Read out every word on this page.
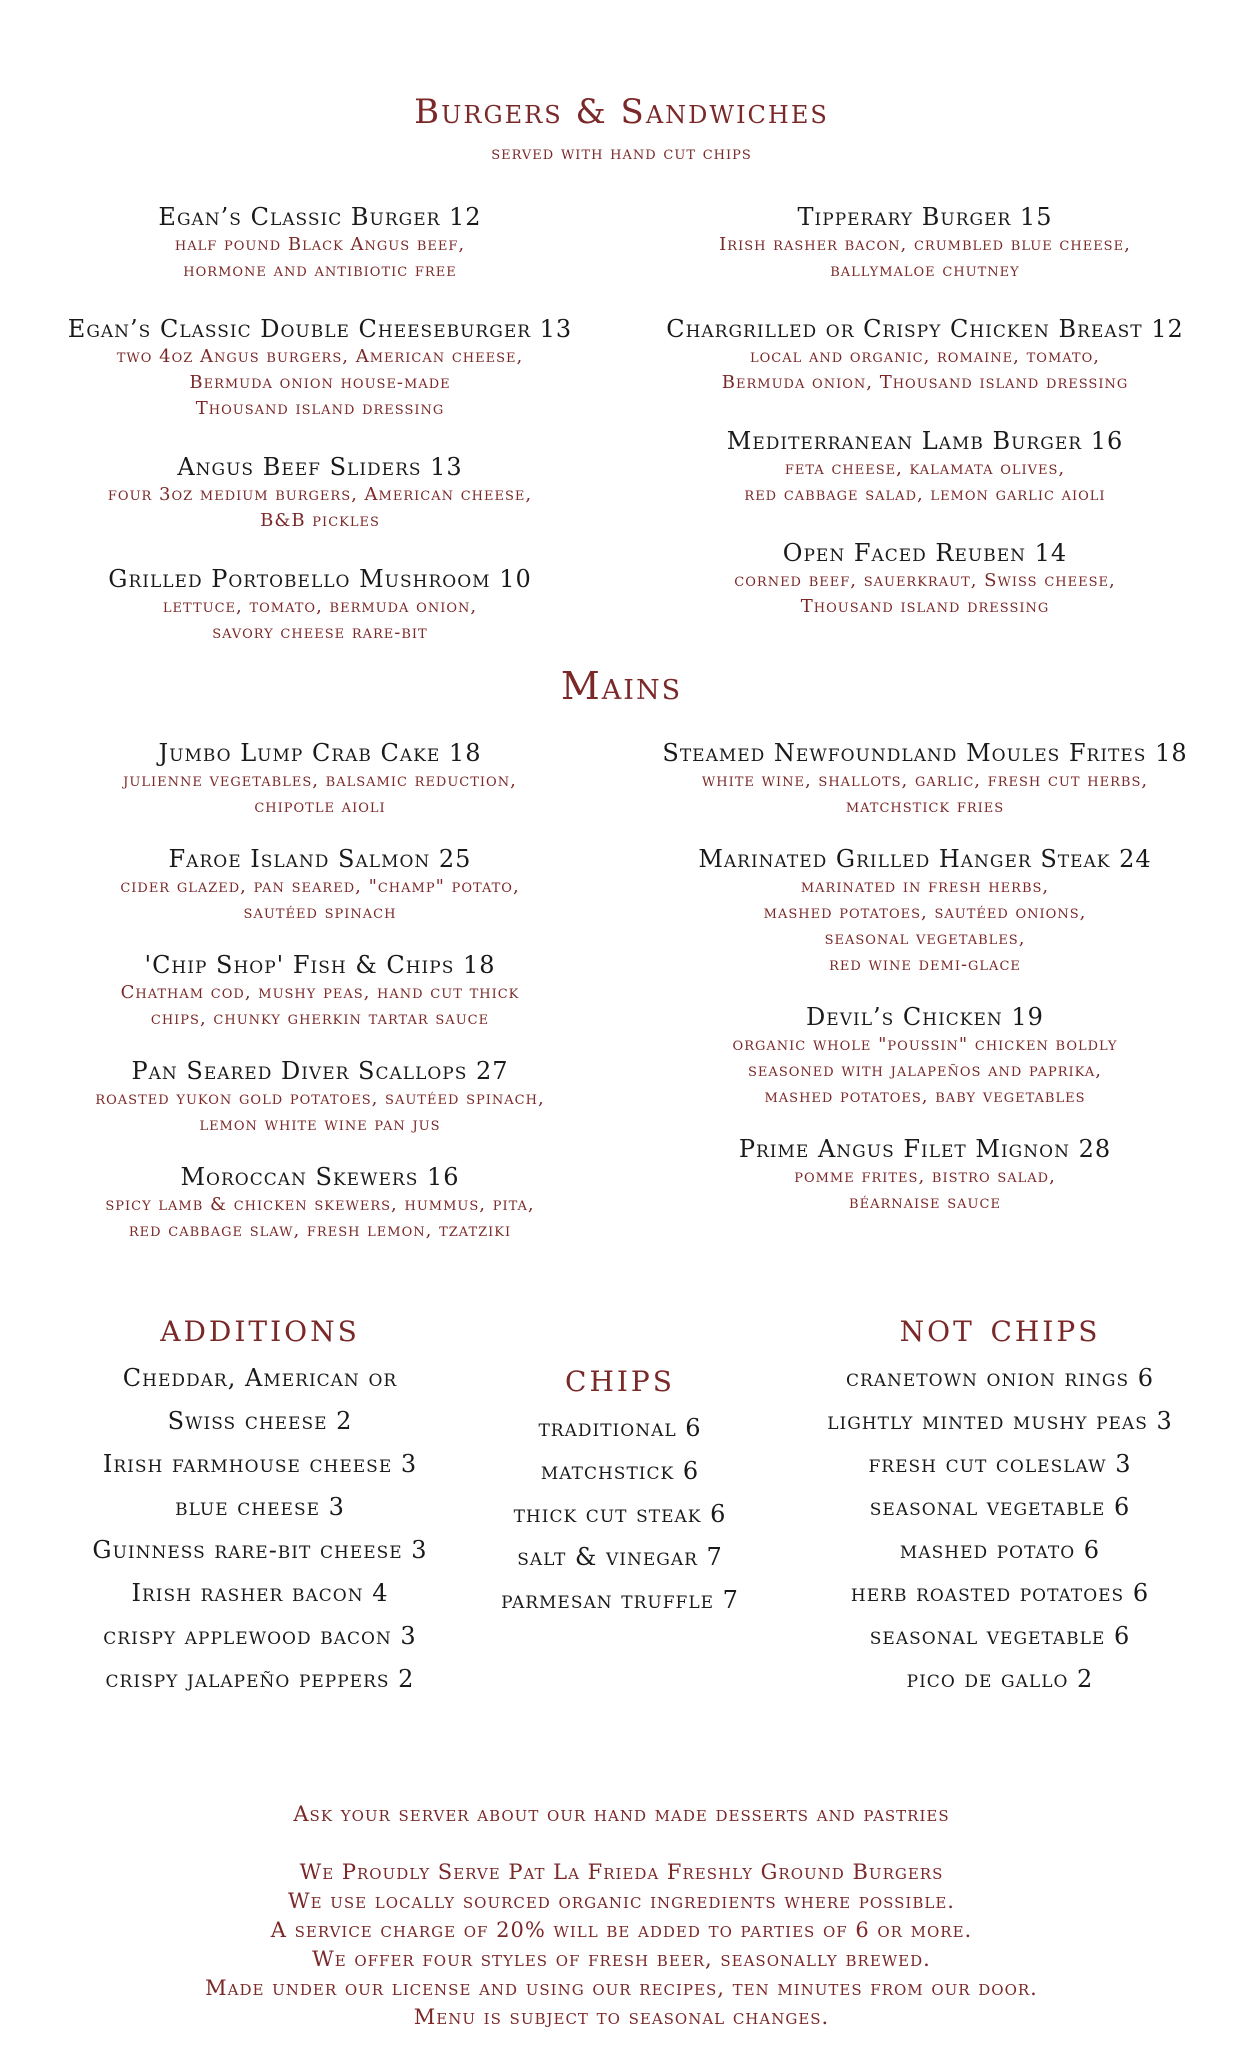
Burgers & Sandwiches
served with hand cut chips
Egan’s Classic Burger 12
half pound Black Angus beef,
hormone and antibiotic free
Egan’s Classic Double Cheeseburger 13
two 4oz Angus burgers, American cheese,
Bermuda onion house-made
Thousand island dressing
Angus Beef Sliders 13
four 3oz medium burgers, American cheese,
B&B pickles
Grilled Portobello Mushroom 10
lettuce, tomato, bermuda onion,
savory cheese rare-bit
Tipperary Burger 15
Irish rasher bacon, crumbled blue cheese,
ballymaloe chutney
Chargrilled or Crispy Chicken Breast 12
local and organic, romaine, tomato,
Bermuda onion, Thousand island dressing
Mediterranean Lamb Burger 16
feta cheese, kalamata olives,
red cabbage salad, lemon garlic aioli
Open Faced Reuben 14
corned beef, sauerkraut, Swiss cheese,
Thousand island dressing
Mains
Jumbo Lump Crab Cake 18
julienne vegetables, balsamic reduction,
chipotle aioli
Faroe Island Salmon 25
cider glazed, pan seared, "champ" potato,
sautéed spinach
'Chip Shop' Fish & Chips 18
Chatham cod, mushy peas, hand cut thick
chips, chunky gherkin tartar sauce
Pan Seared Diver Scallops 27
roasted yukon gold potatoes, sautéed spinach,
lemon white wine pan jus
Moroccan Skewers 16
spicy lamb & chicken skewers, hummus, pita,
red cabbage slaw, fresh lemon, tzatziki
Steamed Newfoundland Moules Frites 18
white wine, shallots, garlic, fresh cut herbs,
matchstick fries
Marinated Grilled Hanger Steak 24
marinated in fresh herbs,
mashed potatoes, sautéed onions,
seasonal vegetables,
red wine demi-glace
Devil’s Chicken 19
organic whole "poussin" chicken boldly
seasoned with jalapeños and paprika,
mashed potatoes, baby vegetables
Prime Angus Filet Mignon 28
pomme frites, bistro salad,
béarnaise sauce
additions
Cheddar, American or
Swiss cheese 2
Irish farmhouse cheese 3
blue cheese 3
Guinness rare-bit cheese 3
Irish rasher bacon 4
crispy applewood bacon 3
crispy jalapeño peppers 2
chips
traditional 6
matchstick 6
thick cut steak 6
salt & vinegar 7
parmesan truffle 7
not chips
cranetown onion rings 6
lightly minted mushy peas 3
fresh cut coleslaw 3
seasonal vegetable 6
mashed potato 6
herb roasted potatoes 6
seasonal vegetable 6
pico de gallo 2
Ask your server about our hand made desserts and pastries
We Proudly Serve Pat La Frieda Freshly Ground Burgers
We use locally sourced organic ingredients where possible.
A service charge of 20% will be added to parties of 6 or more.
We offer four styles of fresh beer, seasonally brewed.
Made under our license and using our recipes, ten minutes from our door.
Menu is subject to seasonal changes.
